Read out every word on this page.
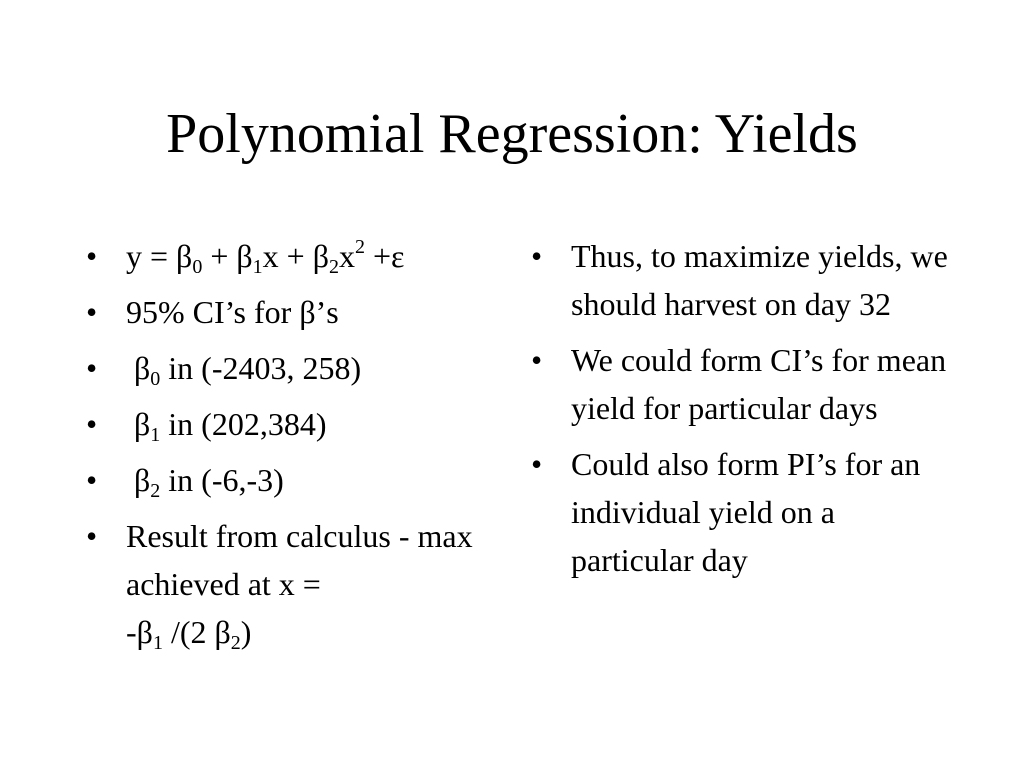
Polynomial Regression: Yields
• $y = \beta_0 + \beta_1x + \beta_2x^2 +\varepsilon$
• 95% CI’s for β’s
•	$\beta_0$ in (-2403, 258)
•	$\beta_1$ in (202,384)
•	$\beta_2$ in (-6,-3)
• Result from calculus - max achieved at x =
$-\beta_1$ /(2 $\beta_2$)
• Thus, to maximize yields, we should harvest on day 32
• We could form CI’s for mean yield for particular days
• Could also form PI’s for an individual yield on a particular day
